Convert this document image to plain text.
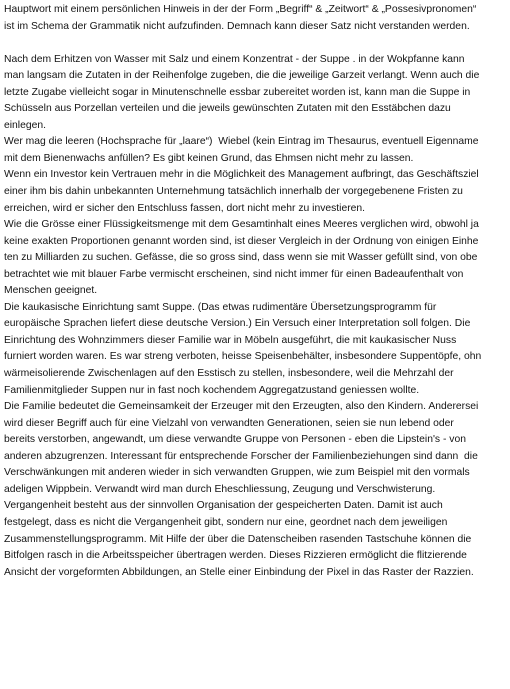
Hauptwort mit einem persönlichen Hinweis in der der Form „Begriff“ & „Zeitwort“ & „Possesivpronomen“
ist im Schema der Grammatik nicht aufzufinden. Demnach kann dieser Satz nicht verstanden werden.
Nach dem Erhitzen von Wasser mit Salz und einem Konzentrat - der Suppe . in der Wokpfanne kann
man langsam die Zutaten in der Reihenfolge zugeben, die die jeweilige Garzeit verlangt. Wenn auch die
letzte Zugabe vielleicht sogar in Minutenschnelle essbar zubereitet worden ist, kann man die Suppe in
Schüsseln aus Porzellan verteilen und die jeweils gewünschten Zutaten mit den Esstäbchen dazu
einlegen.
Wer mag die leeren (Hochsprache für „laare“)  Wiebel (kein Eintrag im Thesaurus, eventuell Eigenname
mit dem Bienenwachs anfüllen? Es gibt keinen Grund, das Ehmsen nicht mehr zu lassen.
Wenn ein Investor kein Vertrauen mehr in die Möglichkeit des Management aufbringt, das Geschäftsziel
einer ihm bis dahin unbekannten Unternehmung tatsächlich innerhalb der vorgegebenene Fristen zu
erreichen, wird er sicher den Entschluss fassen, dort nicht mehr zu investieren.
Wie die Grösse einer Flüssigkeitsmenge mit dem Gesamtinhalt eines Meeres verglichen wird, obwohl ja
keine exakten Proportionen genannt worden sind, ist dieser Vergleich in der Ordnung von einigen Einhe
ten zu Milliarden zu suchen. Gefässe, die so gross sind, dass wenn sie mit Wasser gefüllt sind, von obe
betrachtet wie mit blauer Farbe vermischt erscheinen, sind nicht immer für einen Badeaufenthalt von
Menschen geeignet.
Die kaukasische Einrichtung samt Suppe. (Das etwas rudimentäre Übersetzungsprogramm für
europäische Sprachen liefert diese deutsche Version.) Ein Versuch einer Interpretation soll folgen. Die
Einrichtung des Wohnzimmers dieser Familie war in Möbeln ausgeführt, die mit kaukasischer Nuss
furniert worden waren. Es war streng verboten, heisse Speisenbehälter, insbesondere Suppentöpfe, ohn
wärmeisolierende Zwischenlagen auf den Esstisch zu stellen, insbesondere, weil die Mehrzahl der
Familienmitglieder Suppen nur in fast noch kochendem Aggregatzustand geniessen wollte.
Die Familie bedeutet die Gemeinsamkeit der Erzeuger mit den Erzeugten, also den Kindern. Anderersei
wird dieser Begriff auch für eine Vielzahl von verwandten Generationen, seien sie nun lebend oder
bereits verstorben, angewandt, um diese verwandte Gruppe von Personen - eben die Lipstein's - von
anderen abzugrenzen. Interessant für entsprechende Forscher der Familienbeziehungen sind dann  die
Verschwänkungen mit anderen wieder in sich verwandten Gruppen, wie zum Beispiel mit den vormals
adeligen Wippbein. Verwandt wird man durch Eheschliessung, Zeugung und Verschwisterung.
Vergangenheit besteht aus der sinnvollen Organisation der gespeicherten Daten. Damit ist auch
festgelegt, dass es nicht die Vergangenheit gibt, sondern nur eine, geordnet nach dem jeweiligen
Zusammenstellungsprogramm. Mit Hilfe der über die Datenscheiben rasenden Tastschuhe können die
Bitfolgen rasch in die Arbeitsspeicher übertragen werden. Dieses Rizzieren ermöglicht die flitzierende
Ansicht der vorgeformten Abbildungen, an Stelle einer Einbindung der Pixel in das Raster der Razzien.
